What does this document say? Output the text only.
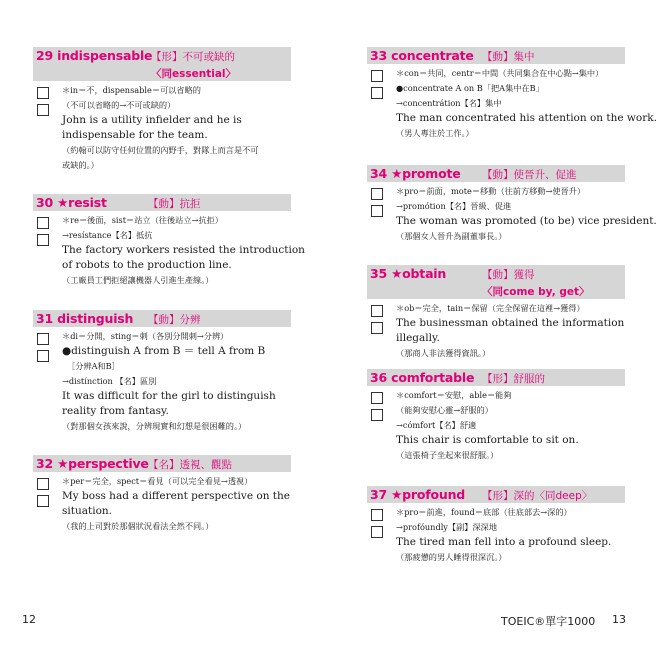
29 indispensable
【形】不可或缺的
〈同essential〉
＊in＝不，dispensable＝可以省略的
（不可以省略的→不可或缺的）
John is a utility infielder and he is
indispensable for the team.
（約翰可以防守任何位置的內野手，對隊上而言是不可
或缺的。）
30 ★resist	【動】抗拒
＊re＝後面，sist＝站立（往後站立→抗拒）
→resístance【名】抵抗
The factory workers resisted the introduction
of robots to the production line.
（工廠員工們拒絕讓機器人引進生產線。）
31 distinguish 【動】分辨
＊di＝分開，sting＝刺（各別分開刺→分辨）
●distinguish A from B ＝ tell A from B
［分辨A和B］
→distínction 【名】區別
It was difficult for the girl to distinguish
reality from fantasy.
（對那個女孩來說，分辨現實和幻想是很困難的。）
32 ★perspective 【名】透視、觀點
＊per＝完全，spect＝看見（可以完全看見→透視）
My boss had a different perspective on the
situation.
（我的上司對於那個狀況看法全然不同。）
33 concentrate 【動】集中
＊con＝共同，centr＝中間（共同集合在中心點→集中）
●concentrate A on B「把A集中在B」
→concentrátion【名】集中
The man concentrated his attention on the work.
（男人專注於工作。）
34 ★promote 【動】使晉升、促進
＊pro＝前面，mote＝移動（往前方移動→使晉升）
→promótion【名】晉級、促進
The woman was promoted (to be) vice president.
（那個女人晉升為副董事長。）
35 ★obtain	【動】獲得
〈同come by, get〉
＊ob＝完全，tain＝保留（完全保留在這裡→獲得）
The businessman obtained the information
illegally.
（那商人非法獲得資訊。）
36 comfortable 【形】舒服的
＊comfort＝安慰，able＝能夠
（能夠安慰心靈→舒服的）
→cómfort【名】舒適
This chair is comfortable to sit on.
（這張椅子坐起來很舒服。）
37 ★profound 【形】深的〈同deep〉
＊pro＝前進，found＝底部（往底部去→深的）
→profóundly【副】深深地
The tired man fell into a profound sleep.
（那疲憊的男人睡得很深沉。）
12	TOEIC®單字1000 13
